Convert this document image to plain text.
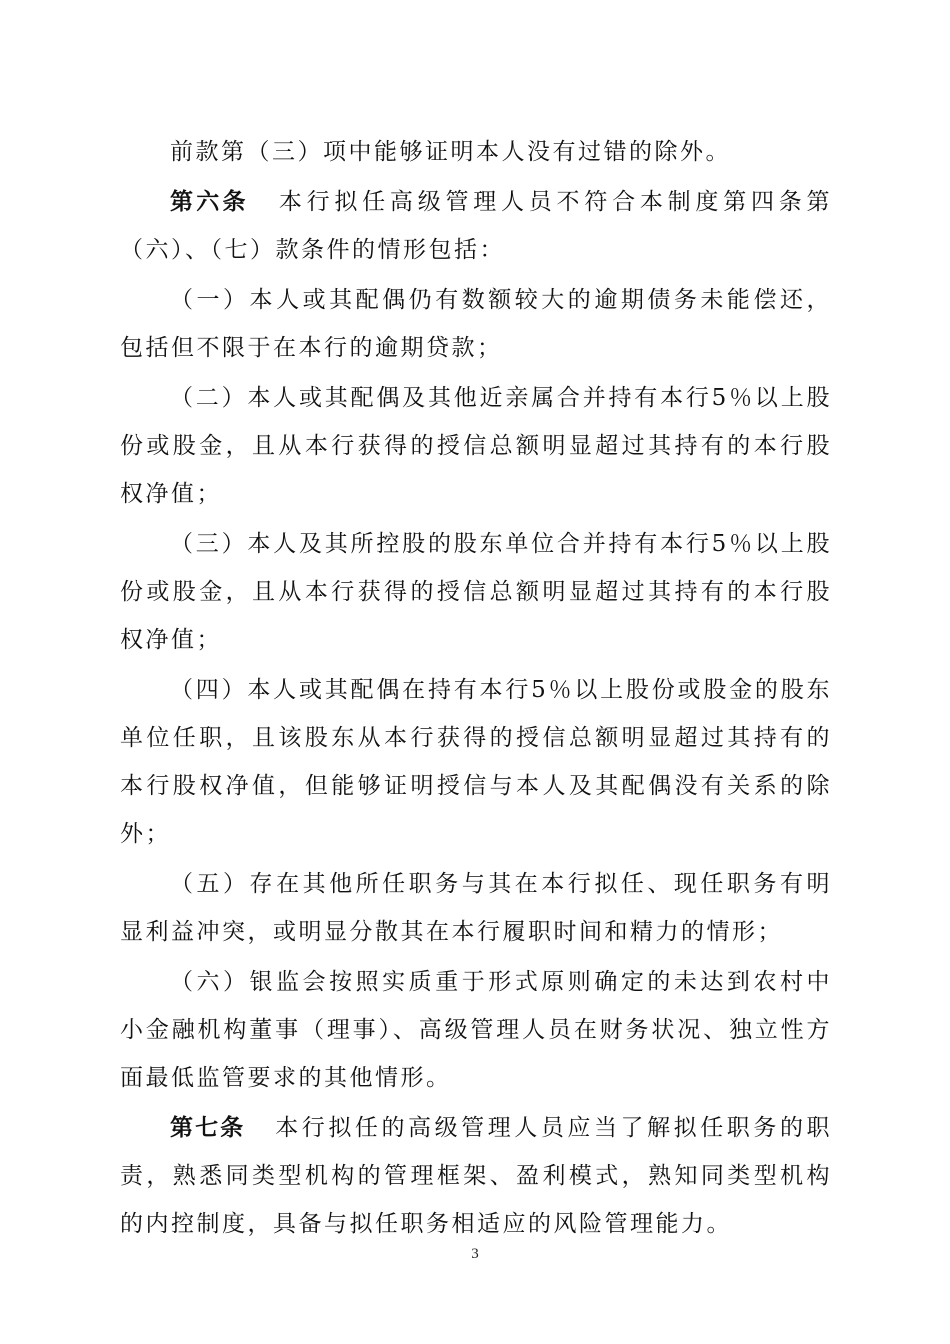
前款第（三）项中能够证明本人没有过错的除外。

第六条 本行拟任高级管理人员不符合本制度第四条第（六）、（七）款条件的情形包括：

（一）本人或其配偶仍有数额较大的逾期债务未能偿还，包括但不限于在本行的逾期贷款；

（二）本人或其配偶及其他近亲属合并持有本行5％以上股份或股金，且从本行获得的授信总额明显超过其持有的本行股权净值；

（三）本人及其所控股的股东单位合并持有本行5％以上股份或股金，且从本行获得的授信总额明显超过其持有的本行股权净值；

（四）本人或其配偶在持有本行5％以上股份或股金的股东单位任职，且该股东从本行获得的授信总额明显超过其持有的本行股权净值，但能够证明授信与本人及其配偶没有关系的除外；

（五）存在其他所任职务与其在本行拟任、现任职务有明显利益冲突，或明显分散其在本行履职时间和精力的情形；

（六）银监会按照实质重于形式原则确定的未达到农村中小金融机构董事（理事）、高级管理人员在财务状况、独立性方面最低监管要求的其他情形。

第七条 本行拟任的高级管理人员应当了解拟任职务的职责，熟悉同类型机构的管理框架、盈利模式，熟知同类型机构的内控制度，具备与拟任职务相适应的风险管理能力。

3
